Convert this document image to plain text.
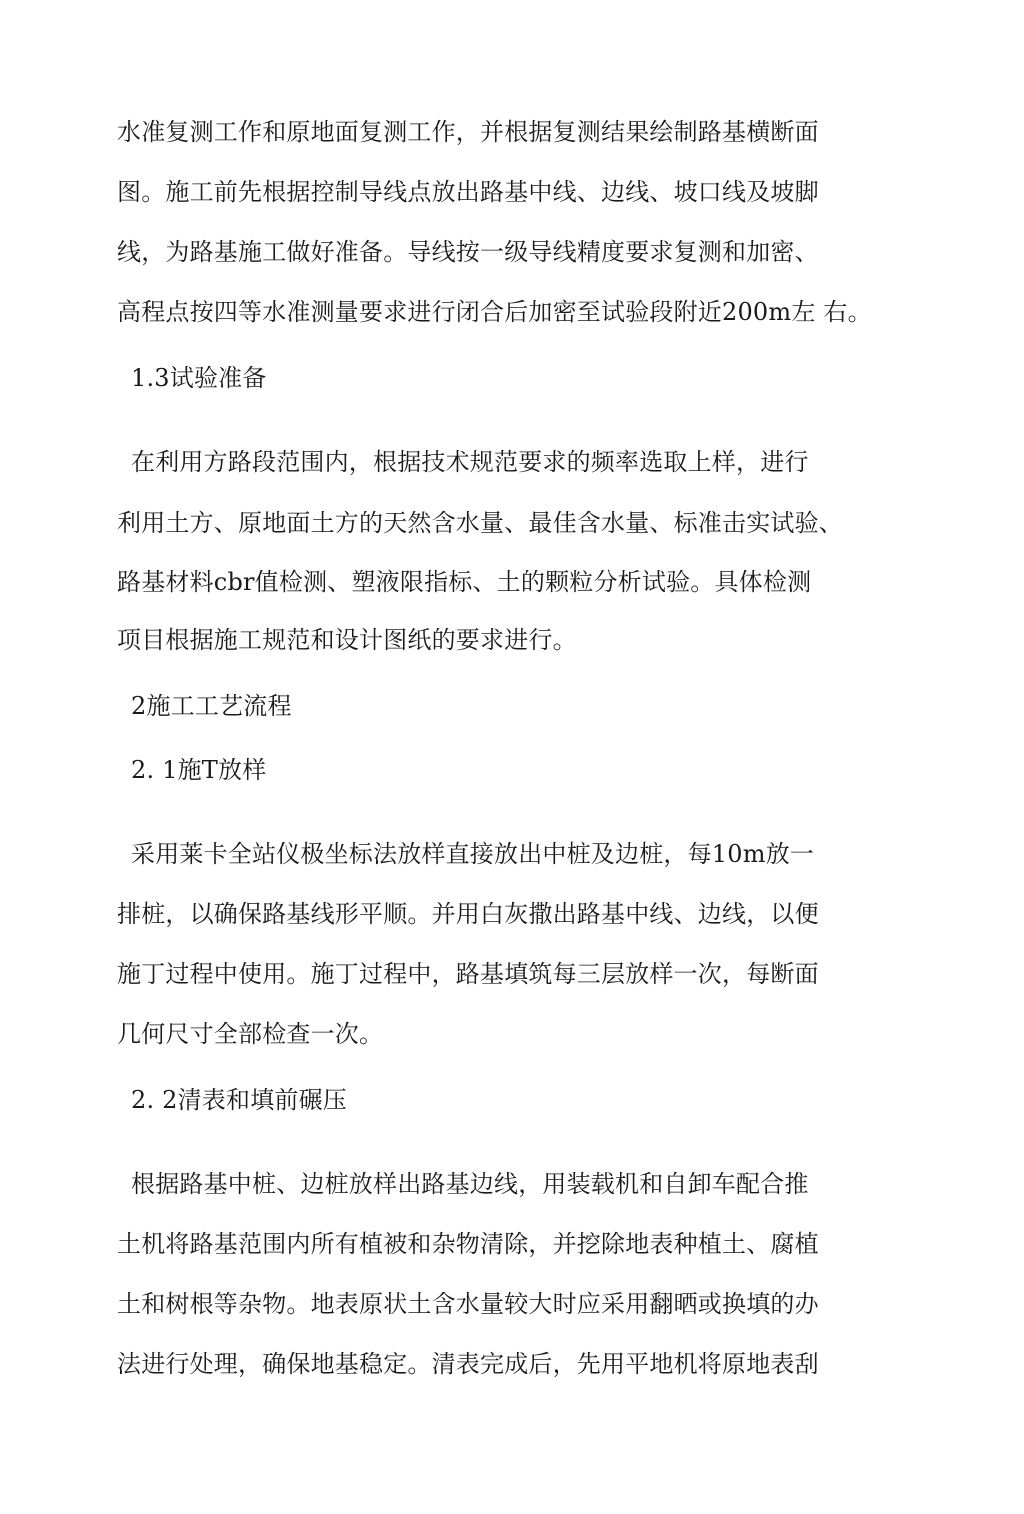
水准复测工作和原地面复测工作，并根据复测结果绘制路基横断面
图。施工前先根据控制导线点放出路基中线、边线、坡口线及坡脚
线，为路基施工做好准备。导线按一级导线精度要求复测和加密、
高程点按四等水准测量要求进行闭合后加密至试验段附近200m左 右。
1.3试验准备
在利用方路段范围内，根据技术规范要求的频率选取上样，进行
利用土方、原地面土方的天然含水量、最佳含水量、标准击实试验、
路基材料cbr值检测、塑液限指标、土的颗粒分析试验。具体检测
项目根据施工规范和设计图纸的要求进行。
2施工工艺流程
2. 1施T放样
采用莱卡全站仪极坐标法放样直接放出中桩及边桩，每10m放一
排桩，以确保路基线形平顺。并用白灰撒出路基中线、边线，以便
施丁过程中使用。施丁过程中，路基填筑每三层放样一次，每断面
几何尺寸全部检查一次。
2. 2清表和填前碾压
根据路基中桩、边桩放样出路基边线，用装载机和自卸车配合推
土机将路基范围内所有植被和杂物清除，并挖除地表种植土、腐植
土和树根等杂物。地表原状土含水量较大时应采用翻晒或换填的办
法进行处理，确保地基稳定。清表完成后，先用平地机将原地表刮
